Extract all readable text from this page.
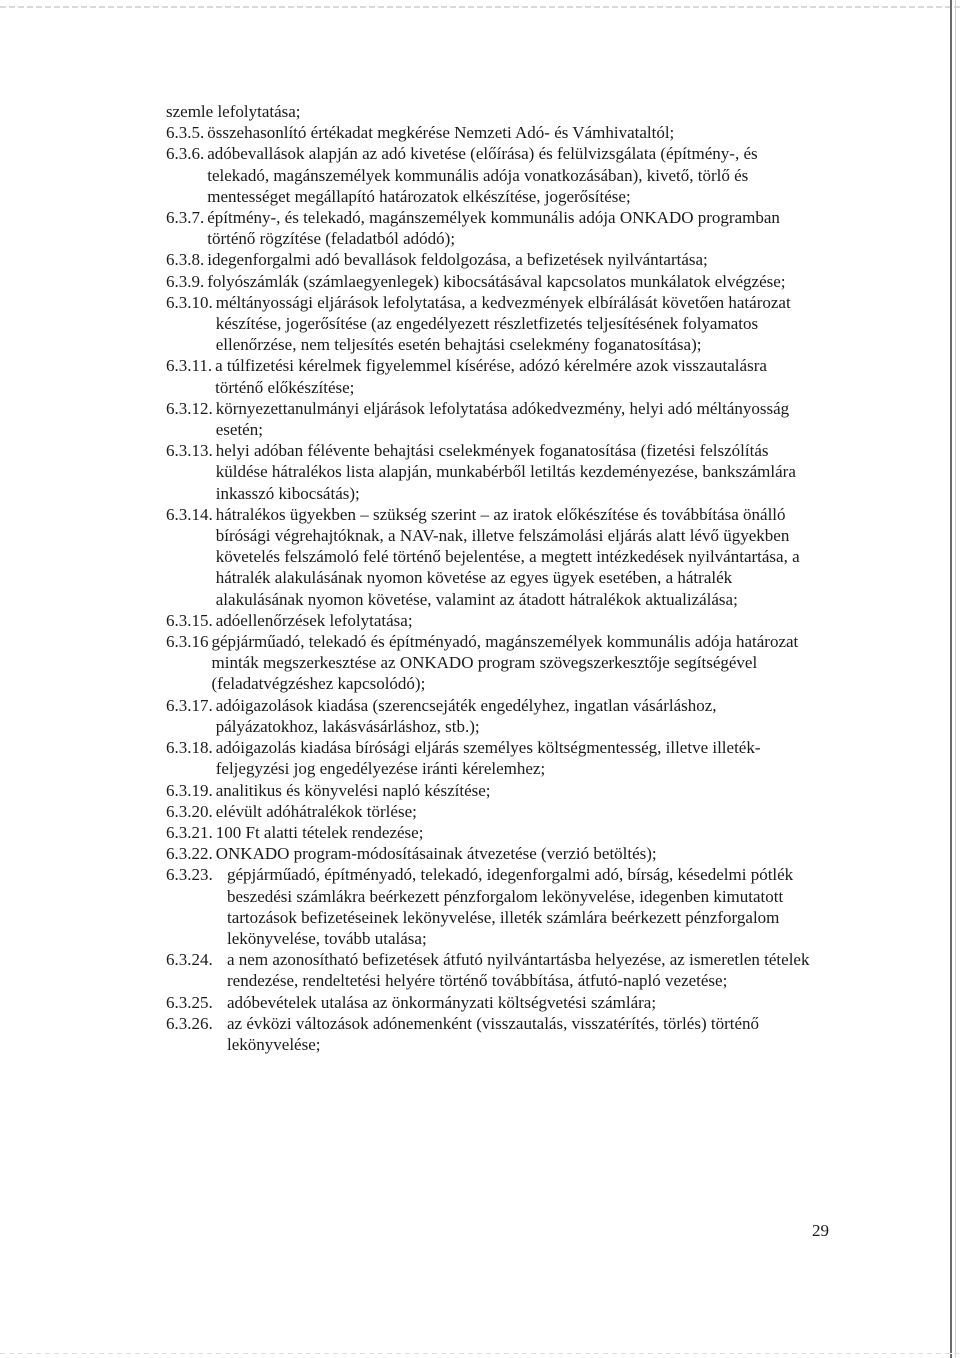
szemle lefolytatása;

6.3.5. összehasonlító értékadat megkérése Nemzeti Adó- és Vámhivataltól;
6.3.6. adóbevallások alapján az adó kivetése (előírása) és felülvizsgálata (építmény-, és telekadó, magánszemélyek kommunális adója vonatkozásában), kivető, törlő és mentességet megállapító határozatok elkészítése, jogerősítése;
6.3.7. építmény-, és telekadó, magánszemélyek kommunális adója ONKADO programban történő rögzítése (feladatból adódó);
6.3.8. idegenforgalmi adó bevallások feldolgozása, a befizetések nyilvántartása;
6.3.9. folyószámlák (számlaegyenlegek) kibocsátásával kapcsolatos munkálatok elvégzése;
6.3.10. méltányossági eljárások lefolytatása, a kedvezmények elbírálását követően határozat készítése, jogerősítése (az engedélyezett részletfizetés teljesítésének folyamatos ellenőrzése, nem teljesítés esetén behajtási cselekmény foganatosítása);
6.3.11. a túlfizetési kérelmek figyelemmel kísérése, adózó kérelmére azok visszautalásra történő előkészítése;
6.3.12. környezettanulmányi eljárások lefolytatása adókedvezmény, helyi adó méltányosság esetén;
6.3.13. helyi adóban félévente behajtási cselekmények foganatosítása (fizetési felszólítás küldése hátralékos lista alapján, munkabérből letiltás kezdeményezése, bankszámlára inkasszó kibocsátás);
6.3.14. hátralékos ügyekben – szükség szerint – az iratok előkészítése és továbbítása önálló bírósági végrehajtóknak, a NAV-nak, illetve felszámolási eljárás alatt lévő ügyekben követelés felszámoló felé történő bejelentése, a megtett intézkedések nyilvántartása, a hátralék alakulásának nyomon követése az egyes ügyek esetében, a hátralék alakulásának nyomon követése, valamint az átadott hátralékok aktualizálása;
6.3.15. adóellenőrzések lefolytatása;
6.3.16 gépjárműadó, telekadó és építményadó, magánszemélyek kommunális adója határozat minták megszerkesztése az ONKADO program szövegszerkesztője segítségével (feladatvégzéshez kapcsolódó);
6.3.17. adóigazolások kiadása (szerencsejáték engedélyhez, ingatlan vásárláshoz, pályázatokhoz, lakásvásárláshoz, stb.);
6.3.18. adóigazolás kiadása bírósági eljárás személyes költségmentesség, illetve illeték-feljegyzési jog engedélyezése iránti kérelemhez;
6.3.19. analitikus és könyvelési napló készítése;
6.3.20. elévült adóhátralékok törlése;
6.3.21. 100 Ft alatti tételek rendezése;
6.3.22. ONKADO program-módosításainak átvezetése (verzió betöltés);
6.3.23. gépjárműadó, építményadó, telekadó, idegenforgalmi adó, bírság, késedelmi pótlék beszedési számlákra beérkezett pénzforgalom lekönyvelése, idegenben kimutatott tartozások befizetéseinek lekönyvelése, illeték számlára beérkezett pénzforgalom lekönyvelése, tovább utalása;
6.3.24. a nem azonosítható befizetések átfutó nyilvántartásba helyezése, az ismeretlen tételek rendezése, rendeltetési helyére történő továbbítása, átfutó-napló vezetése;
6.3.25. adóbevételek utalása az önkormányzati költségvetési számlára;
6.3.26. az évközi változások adónemenként (visszautalás, visszatérítés, törlés) történő lekönyvelése;
29
